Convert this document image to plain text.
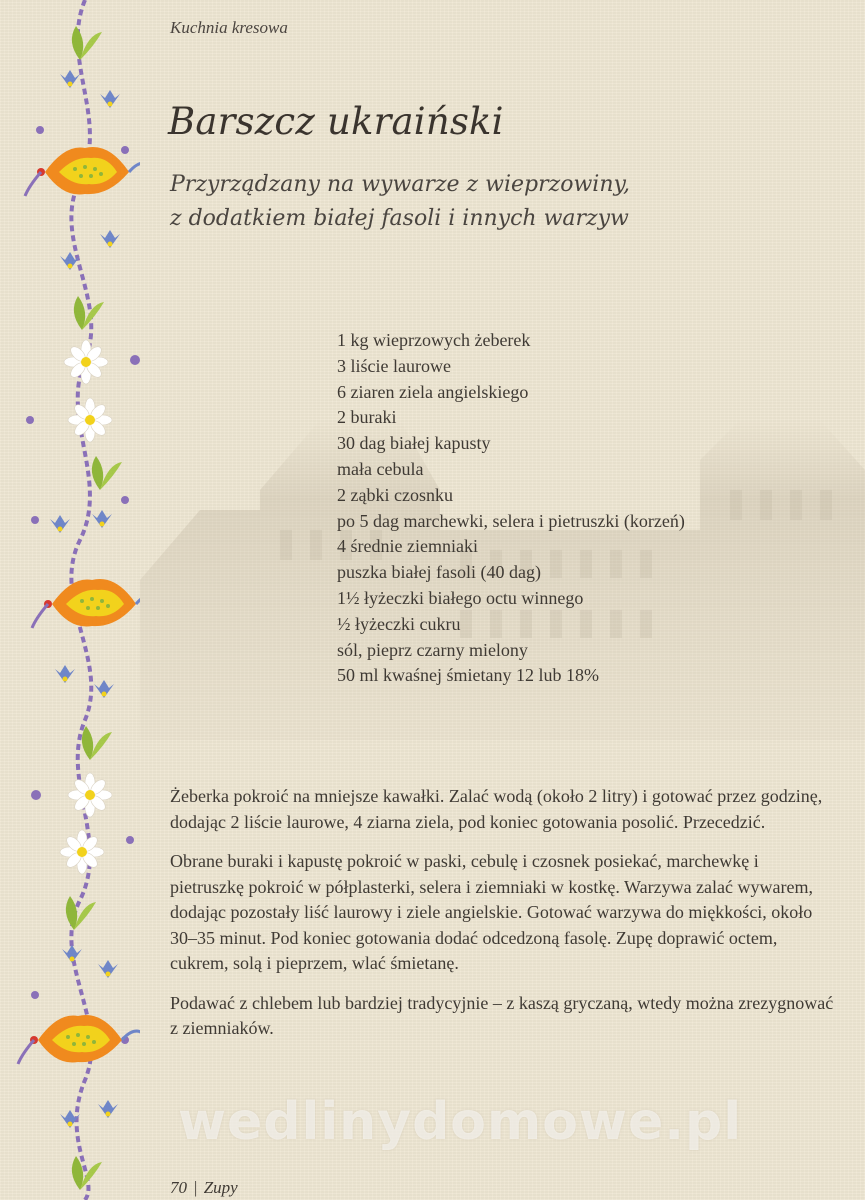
Kuchnia kresowa
Barszcz ukraiński
Przyrządzany na wywarze z wieprzowiny,
z dodatkiem białej fasoli i innych warzyw
1 kg wieprzowych żeberek
3 liście laurowe
6 ziaren ziela angielskiego
2 buraki
30 dag białej kapusty
mała cebula
2 ząbki czosnku
po 5 dag marchewki, selera i pietruszki (korzeń)
4 średnie ziemniaki
puszka białej fasoli (40 dag)
1½ łyżeczki białego octu winnego
½ łyżeczki cukru
sól, pieprz czarny mielony
50 ml kwaśnej śmietany 12 lub 18%

Żeberka pokroić na mniejsze kawałki. Zalać wodą (około 2 litry) i gotować przez godzinę, dodając 2 liście laurowe, 4 ziarna ziela, pod koniec gotowania posolić. Przecedzić.

Obrane buraki i kapustę pokroić w paski, cebulę i czosnek posiekać, marchewkę i pietruszkę pokroić w półplasterki, selera i ziemniaki w kostkę. Warzywa zalać wywarem, dodając pozostały liść laurowy i ziele angielskie. Gotować warzywa do miękkości, około 30–35 minut. Pod koniec gotowania dodać odcedzoną fasolę. Zupę doprawić octem, cukrem, solą i pieprzem, wlać śmietanę.

Podawać z chlebem lub bardziej tradycyjnie – z kaszą gryczaną, wtedy można zrezygnować z ziemniaków.

wedlinydomowe.pl
70 | Zupy
